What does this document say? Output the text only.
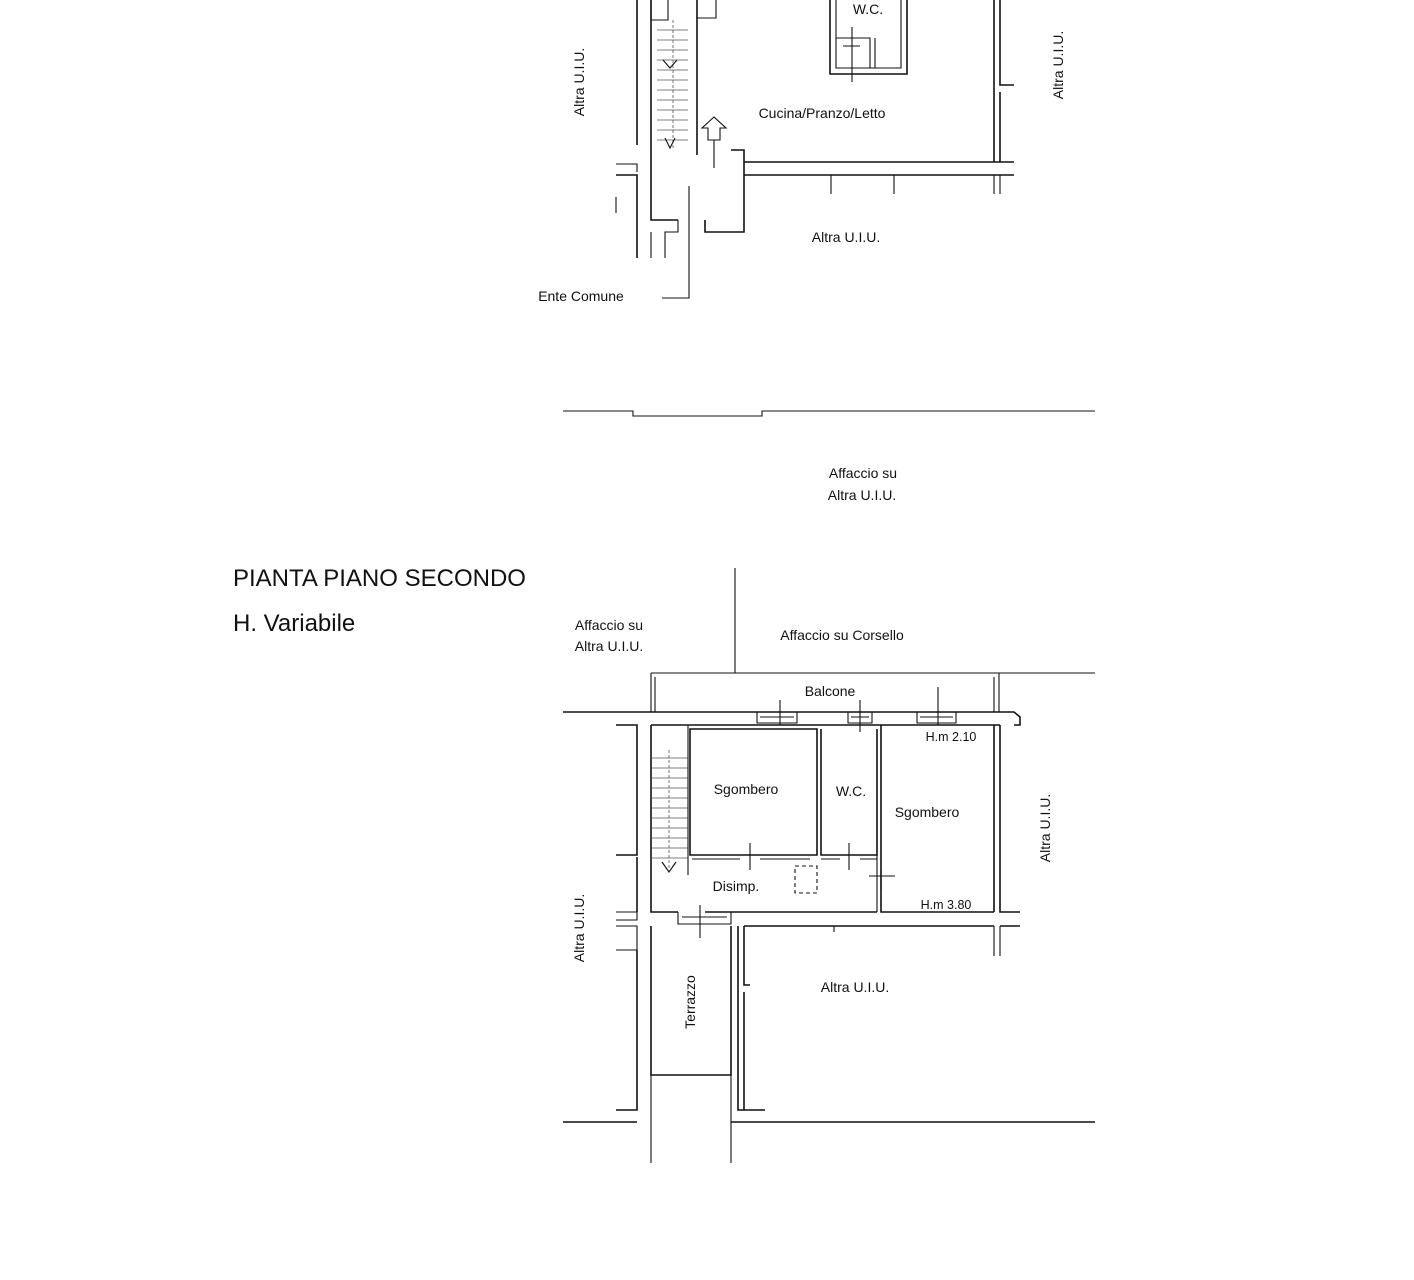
W.C.
Cucina/Pranzo/Letto
Altra U.I.U.
Ente Comune
Altra U.I.U.	Altra U.I.U.
Affaccio su
Altra U.I.U.
PIANTA PIANO SECONDO
H. Variabile	Affaccio su
Altra U.I.U.
Affaccio su Corsello
Balcone
H.m 2.10
Sgombero	W.C.
Sgombero
Disimp.
H.m 3.80
Altra U.I.U.
Altra U.I.U.
Altra U.I.U.
Terrazzo
